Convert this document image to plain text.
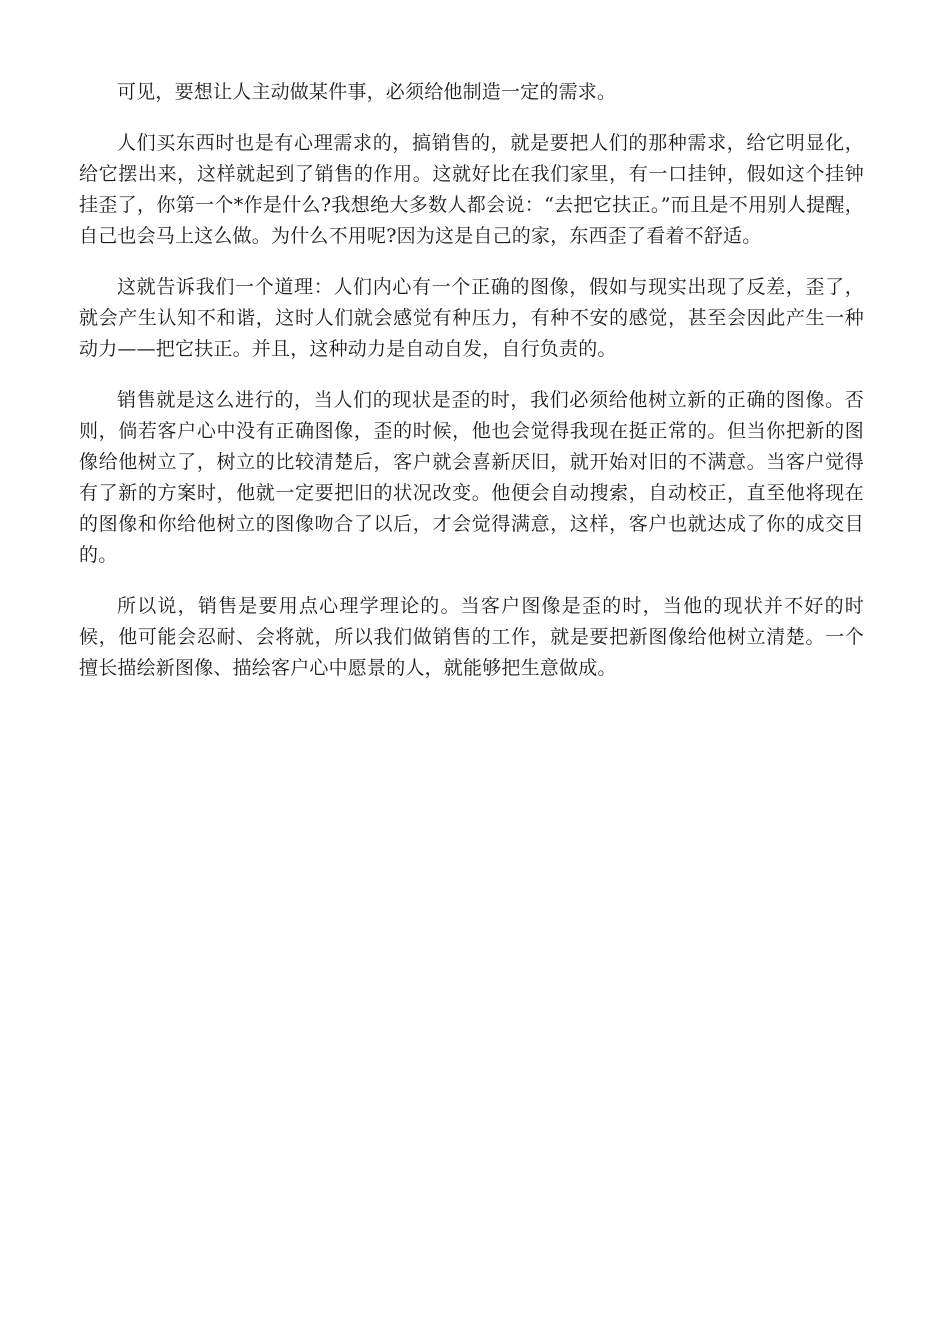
可见，要想让人主动做某件事，必须给他制造一定的需求。

人们买东西时也是有心理需求的，搞销售的，就是要把人们的那种需求，给它明显化，给它摆出来，这样就起到了销售的作用。这就好比在我们家里，有一口挂钟，假如这个挂钟挂歪了，你第一个*作是什么?我想绝大多数人都会说：“去把它扶正。”而且是不用别人提醒，自己也会马上这么做。为什么不用呢?因为这是自己的家，东西歪了看着不舒适。

这就告诉我们一个道理：人们内心有一个正确的图像，假如与现实出现了反差，歪了，就会产生认知不和谐，这时人们就会感觉有种压力，有种不安的感觉，甚至会因此产生一种动力——把它扶正。并且，这种动力是自动自发，自行负责的。

销售就是这么进行的，当人们的现状是歪的时，我们必须给他树立新的正确的图像。否则，倘若客户心中没有正确图像，歪的时候，他也会觉得我现在挺正常的。但当你把新的图像给他树立了，树立的比较清楚后，客户就会喜新厌旧，就开始对旧的不满意。当客户觉得有了新的方案时，他就一定要把旧的状况改变。他便会自动搜索，自动校正，直至他将现在的图像和你给他树立的图像吻合了以后，才会觉得满意，这样，客户也就达成了你的成交目的。

所以说，销售是要用点心理学理论的。当客户图像是歪的时，当他的现状并不好的时候，他可能会忍耐、会将就，所以我们做销售的工作，就是要把新图像给他树立清楚。一个擅长描绘新图像、描绘客户心中愿景的人，就能够把生意做成。
